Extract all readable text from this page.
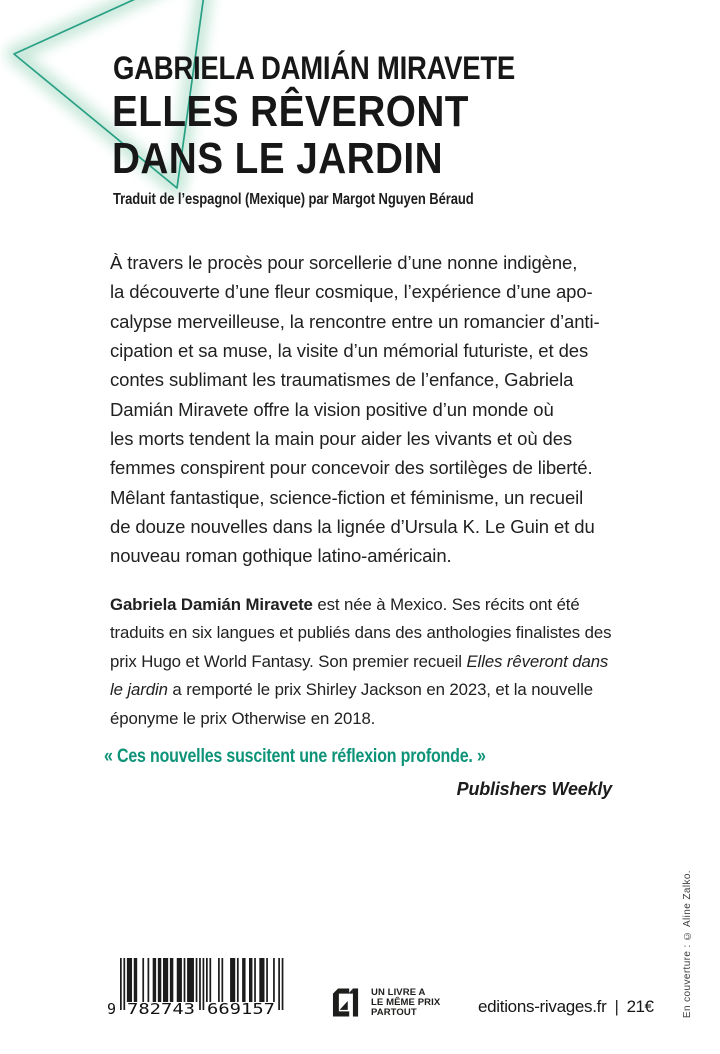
GABRIELA DAMIÁN MIRAVETE
ELLES RÊVERONT
DANS LE JARDIN
Traduit de l’espagnol (Mexique) par Margot Nguyen Béraud
À travers le procès pour sorcellerie d’une nonne indigène,
la découverte d’une fleur cosmique, l’expérience d’une apo-
calypse merveilleuse, la rencontre entre un romancier d’anti-
cipation et sa muse, la visite d’un mémorial futuriste, et des
contes sublimant les traumatismes de l’enfance, Gabriela
Damián Miravete offre la vision positive d’un monde où
les morts tendent la main pour aider les vivants et où des
femmes conspirent pour concevoir des sortilèges de liberté.
Mêlant fantastique, science-fiction et féminisme, un recueil
de douze nouvelles dans la lignée d’Ursula K. Le Guin et du
nouveau roman gothique latino-américain.
Gabriela Damián Miravete est née à Mexico. Ses récits ont été
traduits en six langues et publiés dans des anthologies finalistes des
prix Hugo et World Fantasy. Son premier recueil Elles rêveront dans
le jardin a remporté le prix Shirley Jackson en 2023, et la nouvelle
éponyme le prix Otherwise en 2018.
« Ces nouvelles suscitent une réflexion profonde. »
Publishers Weekly
9 782743 669157
UN LIVRE A
LE MÊME PRIX
PARTOUT	editions-rivages.fr | 21€	En couverture : © Aline Zalko.
